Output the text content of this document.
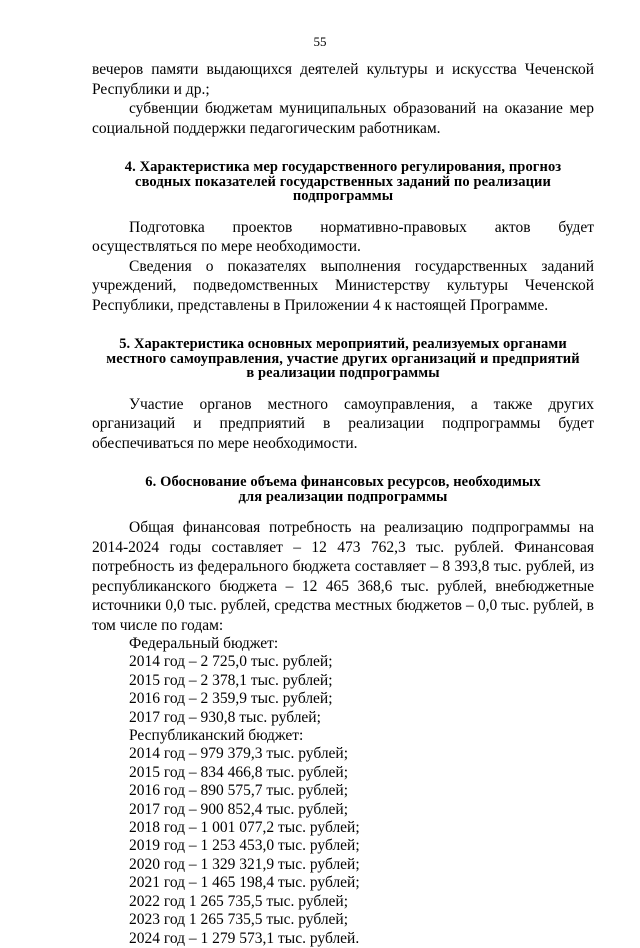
55

вечеров памяти выдающихся деятелей культуры и искусства Чеченской Республики и др.;

субвенции бюджетам муниципальных образований на оказание мер социальной поддержки педагогическим работникам.

4. Характеристика мер государственного регулирования, прогноз
сводных показателей государственных заданий по реализации
подпрограммы

Подготовка проектов нормативно-правовых актов будет осуществляться по мере необходимости.

Сведения о показателях выполнения государственных заданий учреждений, подведомственных Министерству культуры Чеченской Республики, представлены в Приложении 4 к настоящей Программе.

5. Характеристика основных мероприятий, реализуемых органами
местного самоуправления, участие других организаций и предприятий
в реализации подпрограммы

Участие органов местного самоуправления, а также других организаций и предприятий в реализации подпрограммы будет обеспечиваться по мере необходимости.

6. Обоснование объема финансовых ресурсов, необходимых
для реализации подпрограммы

Общая финансовая потребность на реализацию подпрограммы на 2014-2024 годы составляет – 12 473 762,3 тыс. рублей. Финансовая потребность из федерального бюджета составляет – 8 393,8 тыс. рублей, из республиканского бюджета – 12 465 368,6 тыс. рублей, внебюджетные источники 0,0 тыс. рублей, средства местных бюджетов – 0,0 тыс. рублей, в том числе по годам:

Федеральный бюджет:
2014 год – 2 725,0 тыс. рублей;
2015 год – 2 378,1 тыс. рублей;
2016 год – 2 359,9 тыс. рублей;
2017 год – 930,8 тыс. рублей;
Республиканский бюджет:
2014 год – 979 379,3 тыс. рублей;
2015 год – 834 466,8 тыс. рублей;
2016 год – 890 575,7 тыс. рублей;
2017 год – 900 852,4 тыс. рублей;
2018 год – 1 001 077,2 тыс. рублей;
2019 год – 1 253 453,0 тыс. рублей;
2020 год – 1 329 321,9 тыс. рублей;
2021 год – 1 465 198,4 тыс. рублей;
2022 год 1 265 735,5 тыс. рублей;
2023 год 1 265 735,5 тыс. рублей;
2024 год – 1 279 573,1 тыс. рублей.
